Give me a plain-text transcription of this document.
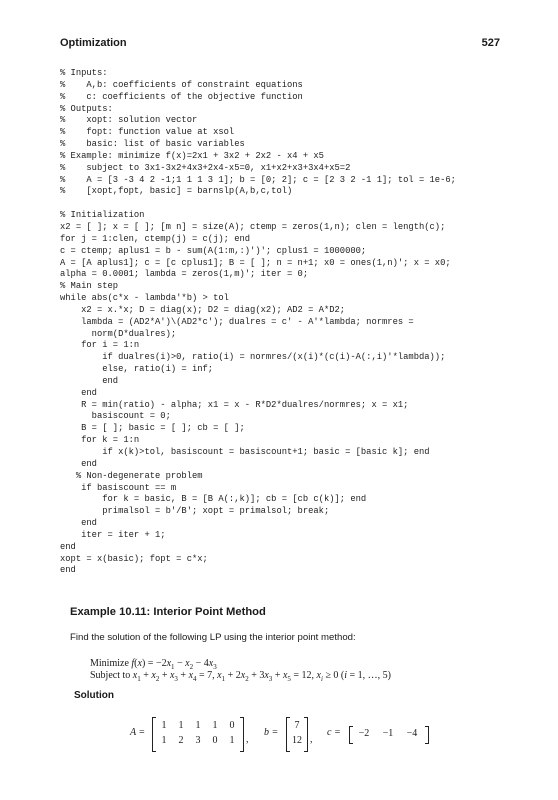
Optimization	527
% Inputs:
%    A,b: coefficients of constraint equations
%    c: coefficients of the objective function
% Outputs:
%    xopt: solution vector
%    fopt: function value at xsol
%    basic: list of basic variables
% Example: minimize f(x)=2x1 + 3x2 + 2x2 - x4 + x5
%    subject to 3x1-3x2+4x3+2x4-x5=0, x1+x2+x3+3x4+x5=2
%    A = [3 -3 4 2 -1;1 1 1 3 1]; b = [0; 2]; c = [2 3 2 -1 1]; tol = 1e-6;
%    [xopt,fopt, basic] = barnslp(A,b,c,tol)
% Initialization
x2 = [ ]; x = [ ]; [m n] = size(A); ctemp = zeros(1,n); clen = length(c);
for j = 1:clen, ctemp(j) = c(j); end
c = ctemp; aplus1 = b - sum(A(1:m,:)')'; cplus1 = 1000000;
A = [A aplus1]; c = [c cplus1]; B = [ ]; n = n+1; x0 = ones(1,n)'; x = x0;
alpha = 0.0001; lambda = zeros(1,m)'; iter = 0;
% Main step
while abs(c*x - lambda'*b) > tol
x2 = x.*x; D = diag(x); D2 = diag(x2); AD2 = A*D2;
lambda = (AD2*A')\(AD2*c'); dualres = c' - A'*lambda; normres =
norm(D*dualres);
for i = 1:n
if dualres(i)>0, ratio(i) = normres/(x(i)*(c(i)-A(:,i)'*lambda));
else, ratio(i) = inf;
end
end
R = min(ratio) - alpha; x1 = x - R*D2*dualres/normres; x = x1;
basiscount = 0;
B = [ ]; basic = [ ]; cb = [ ];
for k = 1:n
if x(k)>tol, basiscount = basiscount+1; basic = [basic k]; end
end
% Non-degenerate problem
if basiscount == m
for k = basic, B = [B A(:,k)]; cb = [cb c(k)]; end
primalsol = b'/B'; xopt = primalsol; break;
end
iter = iter + 1;
end
xopt = x(basic); fopt = c*x;
end
Example 10.11: Interior Point Method
Find the solution of the following LP using the interior point method:
Minimize $f(x) = -2x_1 - x_2 - 4x_3$
Subject to $x_1 + x_2 + x_3 + x_4 = 7$, $x_1 + 2x_2 + 3x_3 + x_5 = 12$, $x_i \ge 0$ (i = 1, …, 5)
Solution
A =
1	1	1	1	0
1	2	3	0	1	,
b =
7
12 ,
c =	−2	−1	−4
